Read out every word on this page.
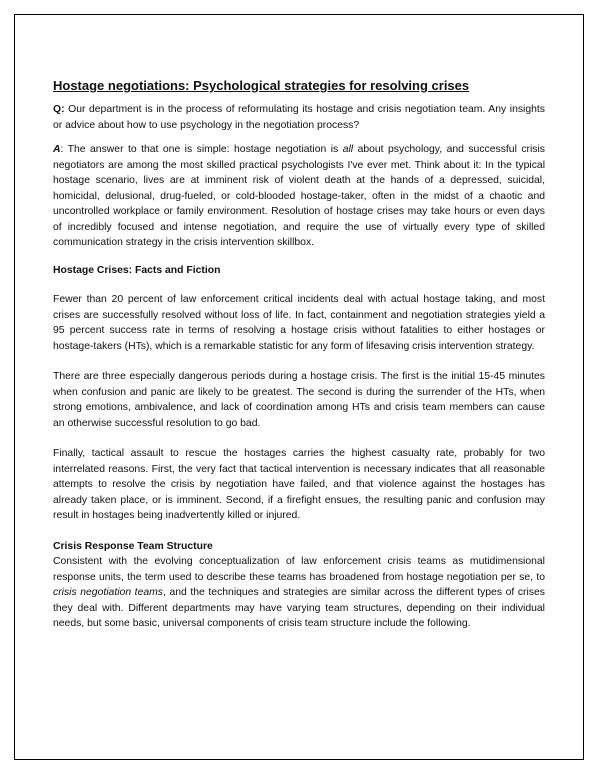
Hostage negotiations: Psychological strategies for resolving crises

Q: Our department is in the process of reformulating its hostage and crisis negotiation team. Any insights or advice about how to use psychology in the negotiation process?

A: The answer to that one is simple: hostage negotiation is all about psychology, and successful crisis negotiators are among the most skilled practical psychologists I've ever met. Think about it: In the typical hostage scenario, lives are at imminent risk of violent death at the hands of a depressed, suicidal, homicidal, delusional, drug-fueled, or cold-blooded hostage-taker, often in the midst of a chaotic and uncontrolled workplace or family environment. Resolution of hostage crises may take hours or even days of incredibly focused and intense negotiation, and require the use of virtually every type of skilled communication strategy in the crisis intervention skillbox.

Hostage Crises: Facts and Fiction

Fewer than 20 percent of law enforcement critical incidents deal with actual hostage taking, and most crises are successfully resolved without loss of life. In fact, containment and negotiation strategies yield a 95 percent success rate in terms of resolving a hostage crisis without fatalities to either hostages or hostage-takers (HTs), which is a remarkable statistic for any form of lifesaving crisis intervention strategy.

There are three especially dangerous periods during a hostage crisis. The first is the initial 15-45 minutes when confusion and panic are likely to be greatest. The second is during the surrender of the HTs, when strong emotions, ambivalence, and lack of coordination among HTs and crisis team members can cause an otherwise successful resolution to go bad.

Finally, tactical assault to rescue the hostages carries the highest casualty rate, probably for two interrelated reasons. First, the very fact that tactical intervention is necessary indicates that all reasonable attempts to resolve the crisis by negotiation have failed, and that violence against the hostages has already taken place, or is imminent. Second, if a firefight ensues, the resulting panic and confusion may result in hostages being inadvertently killed or injured.

Crisis Response Team Structure

Consistent with the evolving conceptualization of law enforcement crisis teams as mutidimensional response units, the term used to describe these teams has broadened from hostage negotiation per se, to crisis negotiation teams, and the techniques and strategies are similar across the different types of crises they deal with. Different departments may have varying team structures, depending on their individual needs, but some basic, universal components of crisis team structure include the following.
